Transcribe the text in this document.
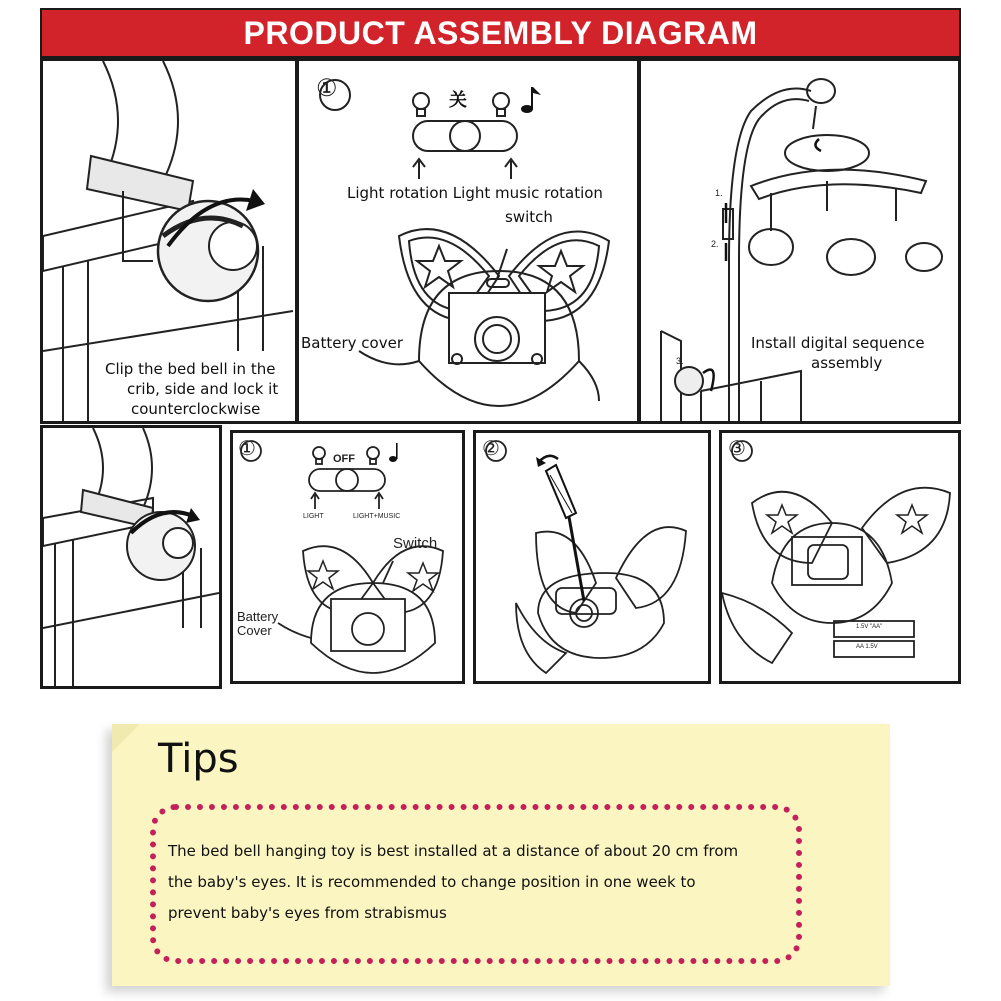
PRODUCT ASSEMBLY DIAGRAM
Clip the bed bell in the
crib, side and lock it
counterclockwise
关
Light rotation Light music rotation
switch
Battery cover
1.
2.
3.
Install digital sequence
assembly
OFF
LIGHT	LIGHT+MUSIC
Switch
Battery
Cover	1.5V "AA"
AA 1.5V
Tips
The bed bell hanging toy is best installed at a distance of about 20 cm from
the baby's eyes. It is recommended to change position in one week to
prevent baby's eyes from strabismus
①
①	②	③
